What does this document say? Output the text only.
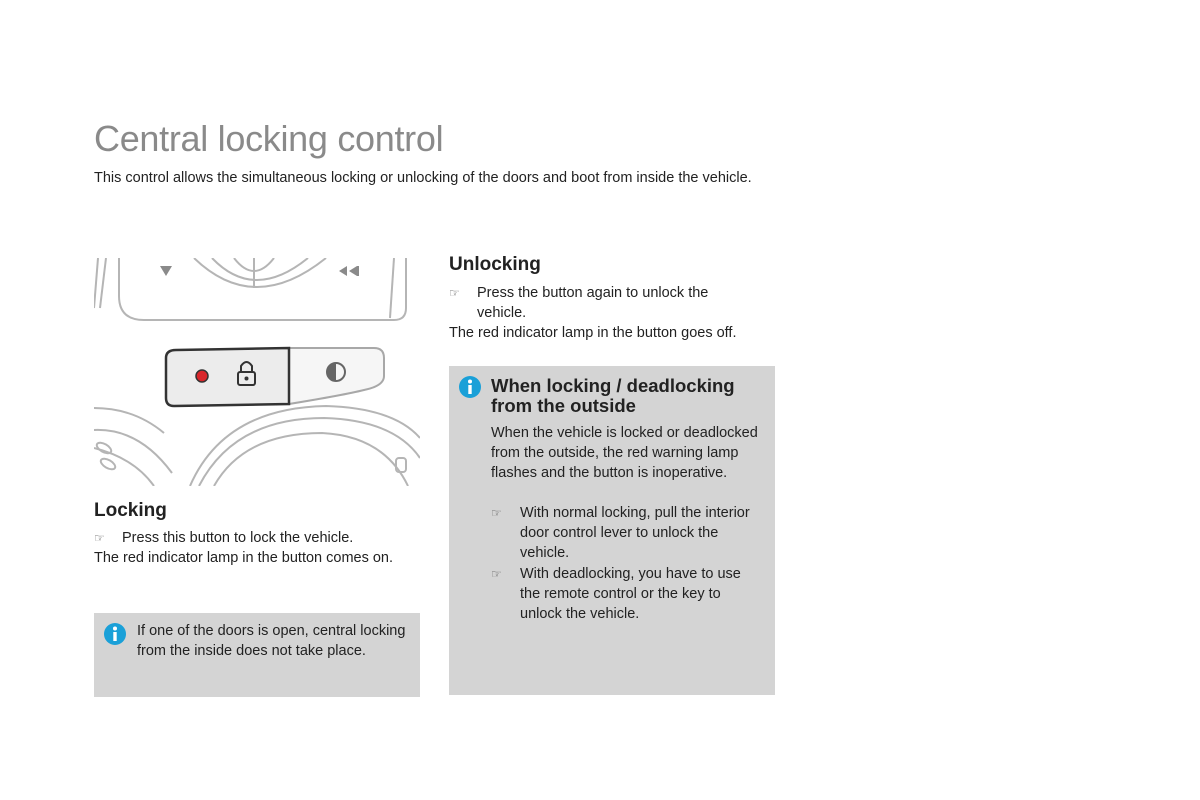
Central locking control

This control allows the simultaneous locking or unlocking of the doors and boot from inside the vehicle.

Locking
☞ Press this button to lock the vehicle.

The red indicator lamp in the button comes on.

If one of the doors is open, central locking from the inside does not take place.

Unlocking
☞ Press the button again to unlock the vehicle.

The red indicator lamp in the button goes off.

When locking / deadlocking from the outside

When the vehicle is locked or deadlocked from the outside, the red warning lamp flashes and the button is inoperative.

☞ With normal locking, pull the interior door control lever to unlock the vehicle.

☞ With deadlocking, you have to use the remote control or the key to unlock the vehicle.
